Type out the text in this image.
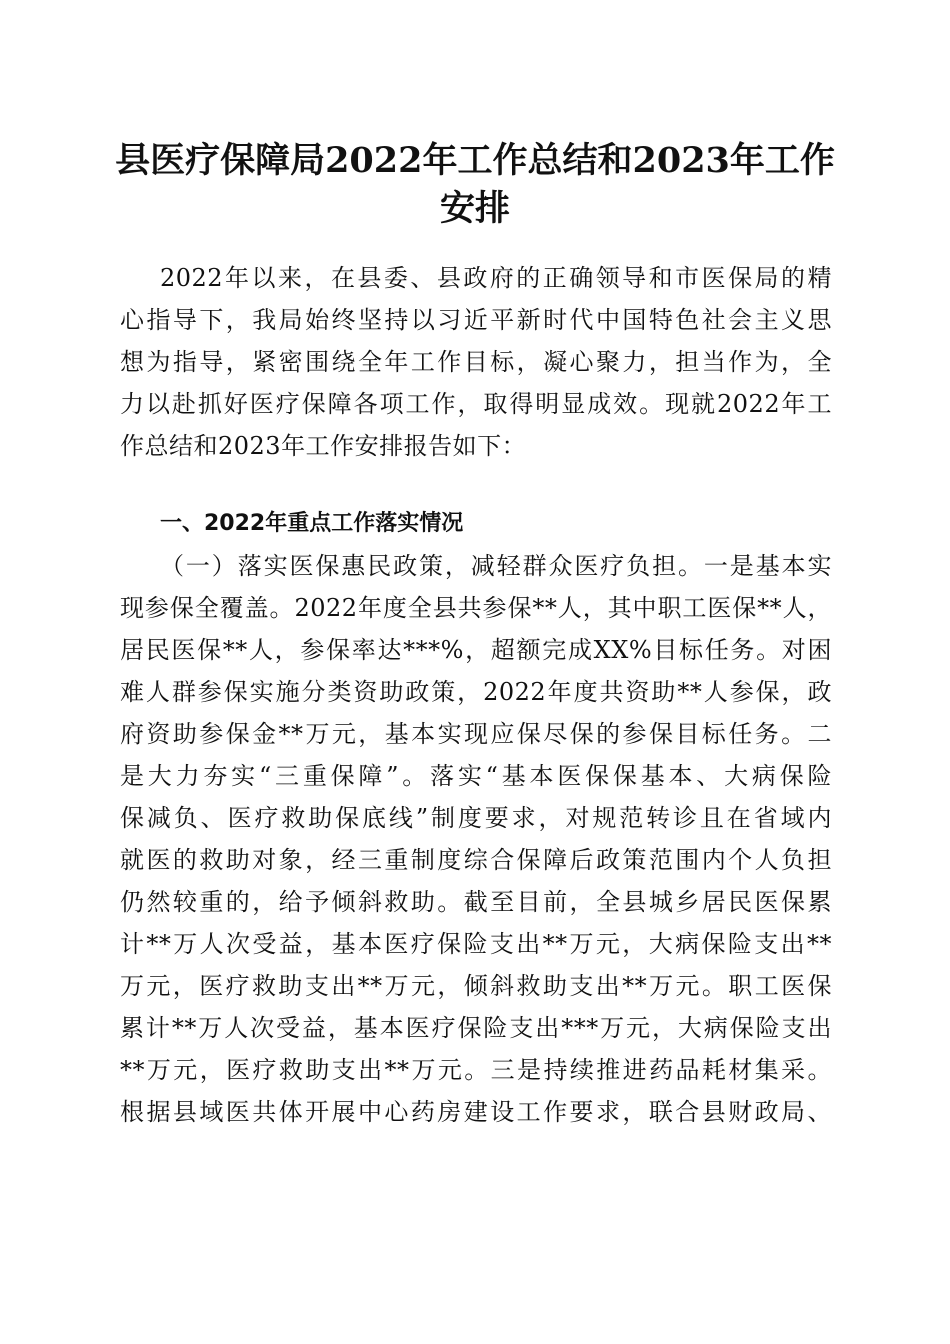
县医疗保障局2022年工作总结和2023年工作
安排
2022年以来，在县委、县政府的正确领导和市医保局的精
心指导下，我局始终坚持以习近平新时代中国特色社会主义思
想为指导，紧密围绕全年工作目标，凝心聚力，担当作为，全
力以赴抓好医疗保障各项工作，取得明显成效。现就2022年工
作总结和2023年工作安排报告如下：
一、2022年重点工作落实情况
（一）落实医保惠民政策，减轻群众医疗负担。一是基本实
现参保全覆盖。2022年度全县共参保**人，其中职工医保**人，
居民医保**人，参保率达***%，超额完成XX%目标任务。对困
难人群参保实施分类资助政策，2022年度共资助**人参保，政
府资助参保金**万元，基本实现应保尽保的参保目标任务。二
是大力夯实“三重保障”。落实“基本医保保基本、大病保险
保减负、医疗救助保底线”制度要求，对规范转诊且在省域内
就医的救助对象，经三重制度综合保障后政策范围内个人负担
仍然较重的，给予倾斜救助。截至目前，全县城乡居民医保累
计**万人次受益，基本医疗保险支出**万元，大病保险支出**
万元，医疗救助支出**万元，倾斜救助支出**万元。职工医保
累计**万人次受益，基本医疗保险支出***万元，大病保险支出
**万元，医疗救助支出**万元。三是持续推进药品耗材集采。
根据县域医共体开展中心药房建设工作要求，联合县财政局、
